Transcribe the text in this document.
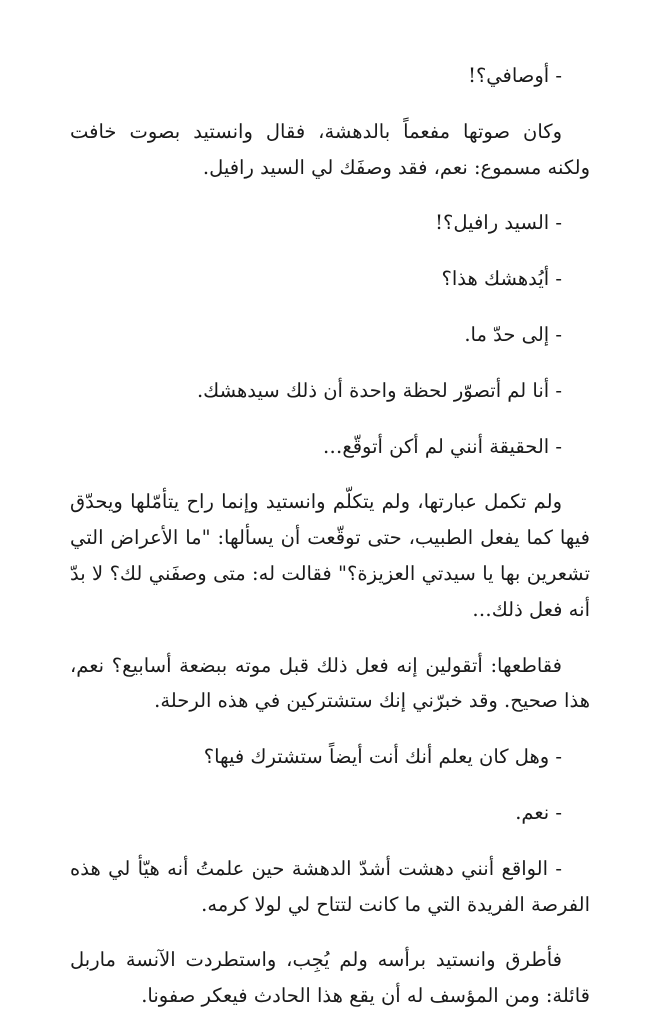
- أوصافي؟!

وكان صوتها مفعماً بالدهشة، فقال وانستيد بصوت خافت ولكنه مسموع: نعم، فقد وصفَك لي السيد رافيل.

- السيد رافيل؟!

- أيُدهشك هذا؟

- إلى حدّ ما.

- أنا لم أتصوّر لحظة واحدة أن ذلك سيدهشك.

- الحقيقة أنني لم أكن أتوقّع…

ولم تكمل عبارتها، ولم يتكلّم وانستيد وإنما راح يتأمّلها ويحدّق فيها كما يفعل الطبيب، حتى توقّعت أن يسألها: "ما الأعراض التي تشعرين بها يا سيدتي العزيزة؟" فقالت له: متى وصفَني لك؟ لا بدّ أنه فعل ذلك…

فقاطعها: أتقولين إنه فعل ذلك قبل موته ببضعة أسابيع؟ نعم، هذا صحيح. وقد خبرّني إنك ستشتركين في هذه الرحلة.

- وهل كان يعلم أنك أنت أيضاً ستشترك فيها؟

- نعم.

- الواقع أنني دهشت أشدّ الدهشة حين علمتُ أنه هيّأ لي هذه الفرصة الفريدة التي ما كانت لتتاح لي لولا كرمه.

فأطرق وانستيد برأسه ولم يُجِب، واستطردت الآنسة ماربل قائلة: ومن المؤسف له أن يقع هذا الحادث فيعكر صفونا.
